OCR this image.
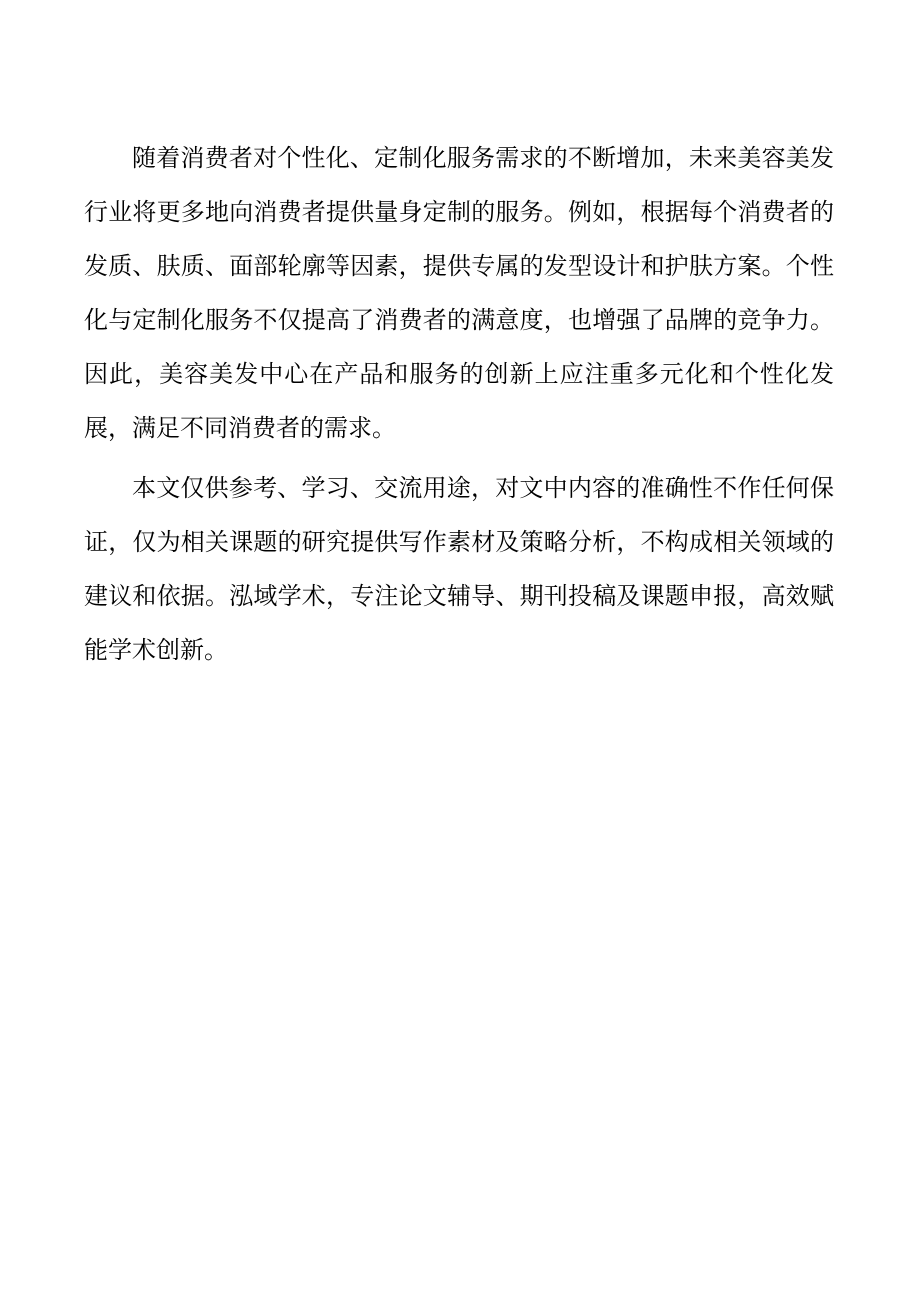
随着消费者对个性化、定制化服务需求的不断增加，未来美容美发行业将更多地向消费者提供量身定制的服务。例如，根据每个消费者的发质、肤质、面部轮廓等因素，提供专属的发型设计和护肤方案。个性化与定制化服务不仅提高了消费者的满意度，也增强了品牌的竞争力。因此，美容美发中心在产品和服务的创新上应注重多元化和个性化发展，满足不同消费者的需求。

本文仅供参考、学习、交流用途，对文中内容的准确性不作任何保证，仅为相关课题的研究提供写作素材及策略分析，不构成相关领域的建议和依据。泓域学术，专注论文辅导、期刊投稿及课题申报，高效赋能学术创新。
